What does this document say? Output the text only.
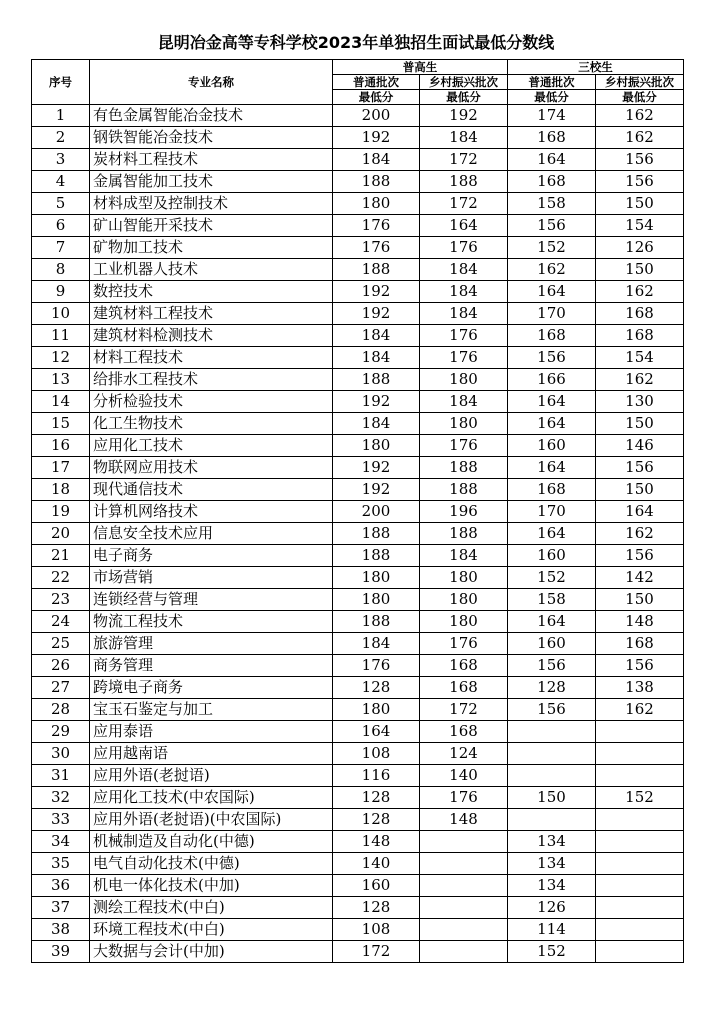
昆明冶金高等专科学校2023年单独招生面试最低分数线
序号	专业名称	普高生		三校生	
		普通批次	乡村振兴批次	普通批次	乡村振兴批次
		最低分	最低分	最低分	最低分
1	有色金属智能冶金技术	200	192	174	162
2	钢铁智能冶金技术	192	184	168	162
3	炭材料工程技术	184	172	164	156
4	金属智能加工技术	188	188	168	156
5	材料成型及控制技术	180	172	158	150
6	矿山智能开采技术	176	164	156	154
7	矿物加工技术	176	176	152	126
8	工业机器人技术	188	184	162	150
9	数控技术	192	184	164	162
10	建筑材料工程技术	192	184	170	168
11	建筑材料检测技术	184	176	168	168
12	材料工程技术	184	176	156	154
13	给排水工程技术	188	180	166	162
14	分析检验技术	192	184	164	130
15	化工生物技术	184	180	164	150
16	应用化工技术	180	176	160	146
17	物联网应用技术	192	188	164	156
18	现代通信技术	192	188	168	150
19	计算机网络技术	200	196	170	164
20	信息安全技术应用	188	188	164	162
21	电子商务	188	184	160	156
22	市场营销	180	180	152	142
23	连锁经营与管理	180	180	158	150
24	物流工程技术	188	180	164	148
25	旅游管理	184	176	160	168
26	商务管理	176	168	156	156
27	跨境电子商务	128	168	128	138
28	宝玉石鉴定与加工	180	172	156	162
29	应用泰语	164	168		
30	应用越南语	108	124		
31	应用外语(老挝语)	116	140		
32	应用化工技术(中农国际)	128	176	150	152
33	应用外语(老挝语)(中农国际)	128	148		
34	机械制造及自动化(中德)	148		134	
35	电气自动化技术(中德)	140		134	
36	机电一体化技术(中加)	160		134	
37	测绘工程技术(中白)	128		126	
38	环境工程技术(中白)	108		114	
39	大数据与会计(中加)	172		152	
